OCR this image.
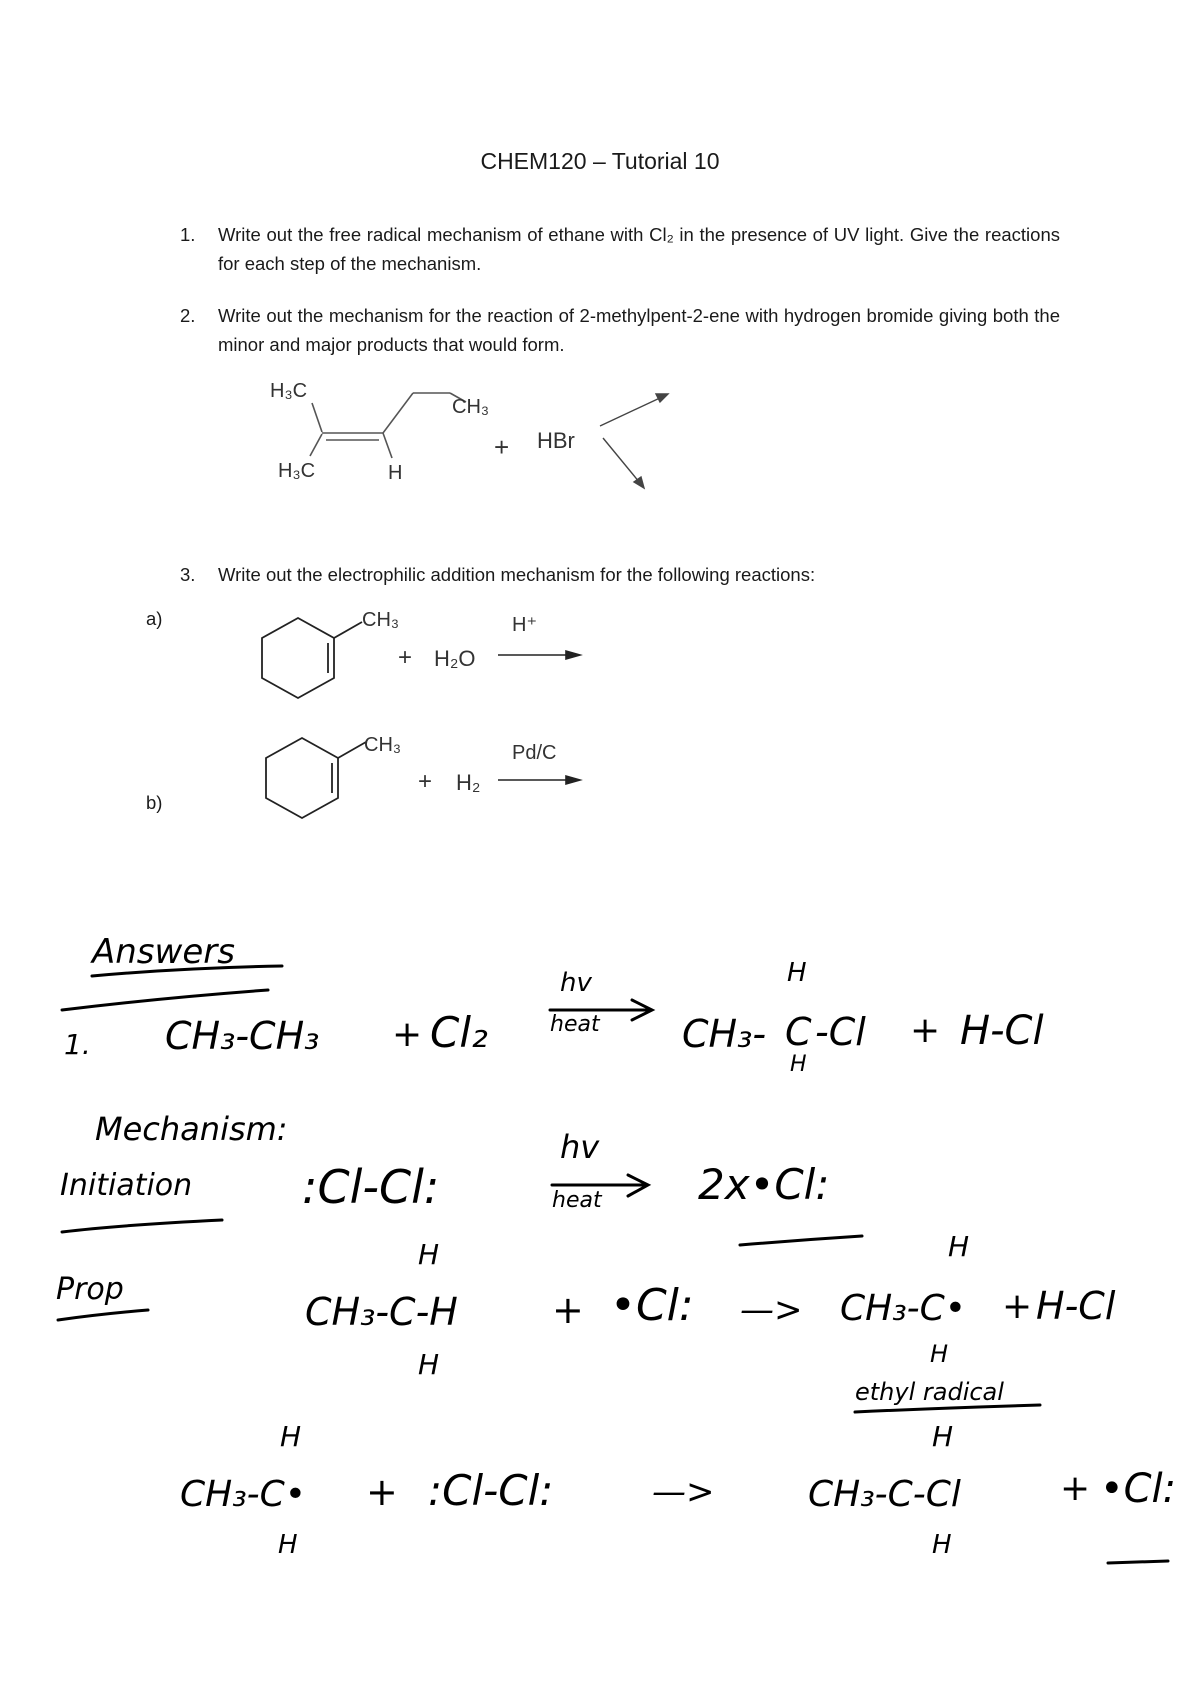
CHEM120 – Tutorial 10
1. Write out the free radical mechanism of ethane with Cl₂ in the presence of UV light. Give the reactions for each step of the mechanism.
2. Write out the mechanism for the reaction of 2-methylpent-2-ene with hydrogen bromide giving both the minor and major products that would form.
H₃C
H₃C	H
CH₃
+ HBr
3. Write out the electrophilic addition mechanism for the following reactions:
a)	CH₃	H⁺
+ H₂O
CH₃	Pd/C
+ H₂
b)
Answers
1. CH₃-CH₃ + Cl₂
hv
heat CH₃-
H
C -Cl
H
+ H-Cl
Mechanism:
Initiation :Cl-Cl:
hv
heat 2x•Cl:
Prop
H
CH₃-C-H
H
+ •Cl: —>
H
CH₃-C•
H
+ H-Cl
ethyl radical
H
CH₃-C•
H
+ :Cl-Cl:	—>
H
CH₃-C-Cl
H
+ •Cl:
